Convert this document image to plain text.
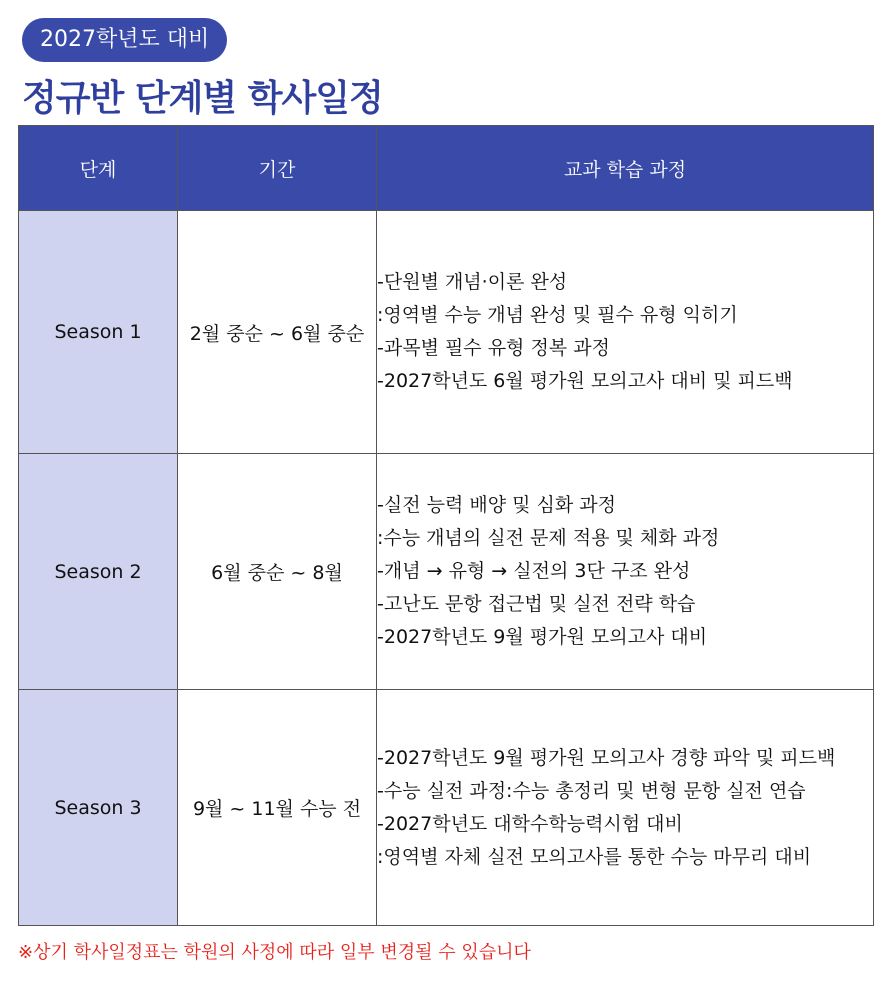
2027학년도 대비
정규반 단계별 학사일정
단계	기간	교과 학습 과정
Season 1	2월 중순 ~ 6월 중순	-단원별 개념·이론 완성
:영역별 수능 개념 완성 및 필수 유형 익히기
-과목별 필수 유형 정복 과정
-2027학년도 6월 평가원 모의고사 대비 및 피드백

Season 2	6월 중순 ~ 8월	-실전 능력 배양 및 심화 과정
:수능 개념의 실전 문제 적용 및 체화 과정
-개념 → 유형 → 실전의 3단 구조 완성
-고난도 문항 접근법 및 실전 전략 학습
-2027학년도 9월 평가원 모의고사 대비

Season 3	9월 ~ 11월 수능 전	-2027학년도 9월 평가원 모의고사 경향 파악 및 피드백
-수능 실전 과정:수능 총정리 및 변형 문항 실전 연습
-2027학년도 대학수학능력시험 대비
:영역별 자체 실전 모의고사를 통한 수능 마무리 대비
※상기 학사일정표는 학원의 사정에 따라 일부 변경될 수 있습니다
